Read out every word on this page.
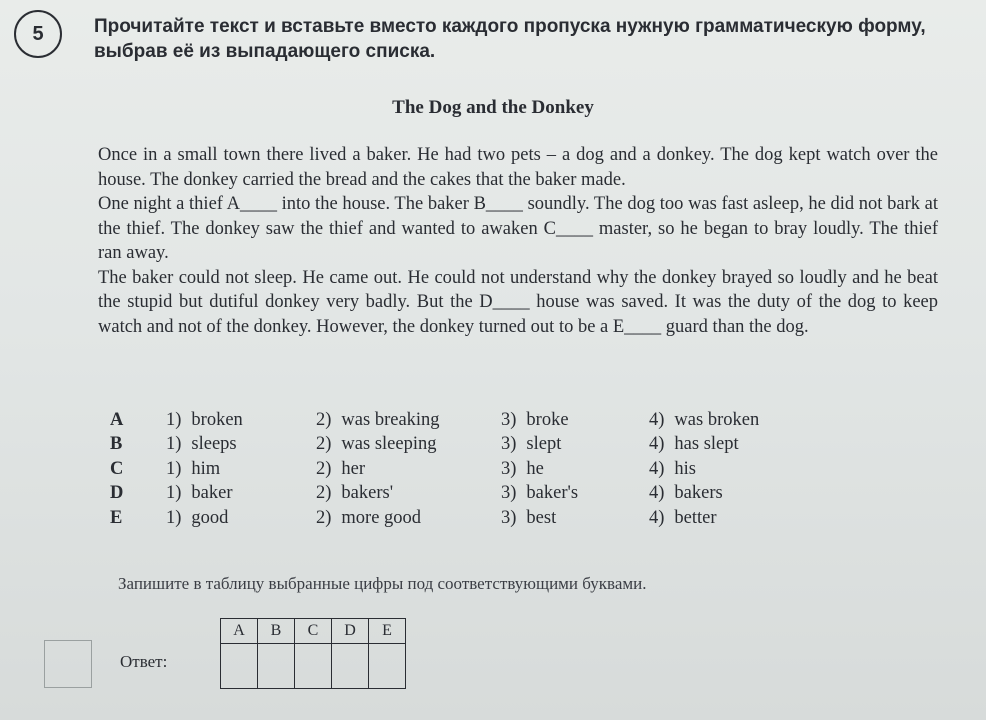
5	Прочитайте текст и вставьте вместо каждого пропуска нужную грамматическую форму, выбрав её из выпадающего списка.
The Dog and the Donkey

Once in a small town there lived a baker. He had two pets – a dog and a donkey. The dog kept watch over the house. The donkey carried the bread and the cakes that the baker made.

One night a thief A____ into the house. The baker B____ soundly. The dog too was fast asleep, he did not bark at the thief. The donkey saw the thief and wanted to awaken C____ master, so he began to bray loudly. The thief ran away.

The baker could not sleep. He came out. He could not understand why the donkey brayed so loudly and he beat the stupid but dutiful donkey very badly. But the D____ house was saved. It was the duty of the dog to keep watch and not of the donkey. However, the donkey turned out to be a E____ guard than the dog.

A	1) broken	2) was breaking	3) broke	4) was broken
B	1) sleeps	2) was sleeping	3) slept	4) has slept
C	1) him	2) her	3) he	4) his
D	1) baker	2) bakers'	3) baker's	4) bakers
E	1) good	2) more good	3) best	4) better
Запишите в таблицу выбранные цифры под соответствующими буквами.
Ответ:
A	B	C	D	E
